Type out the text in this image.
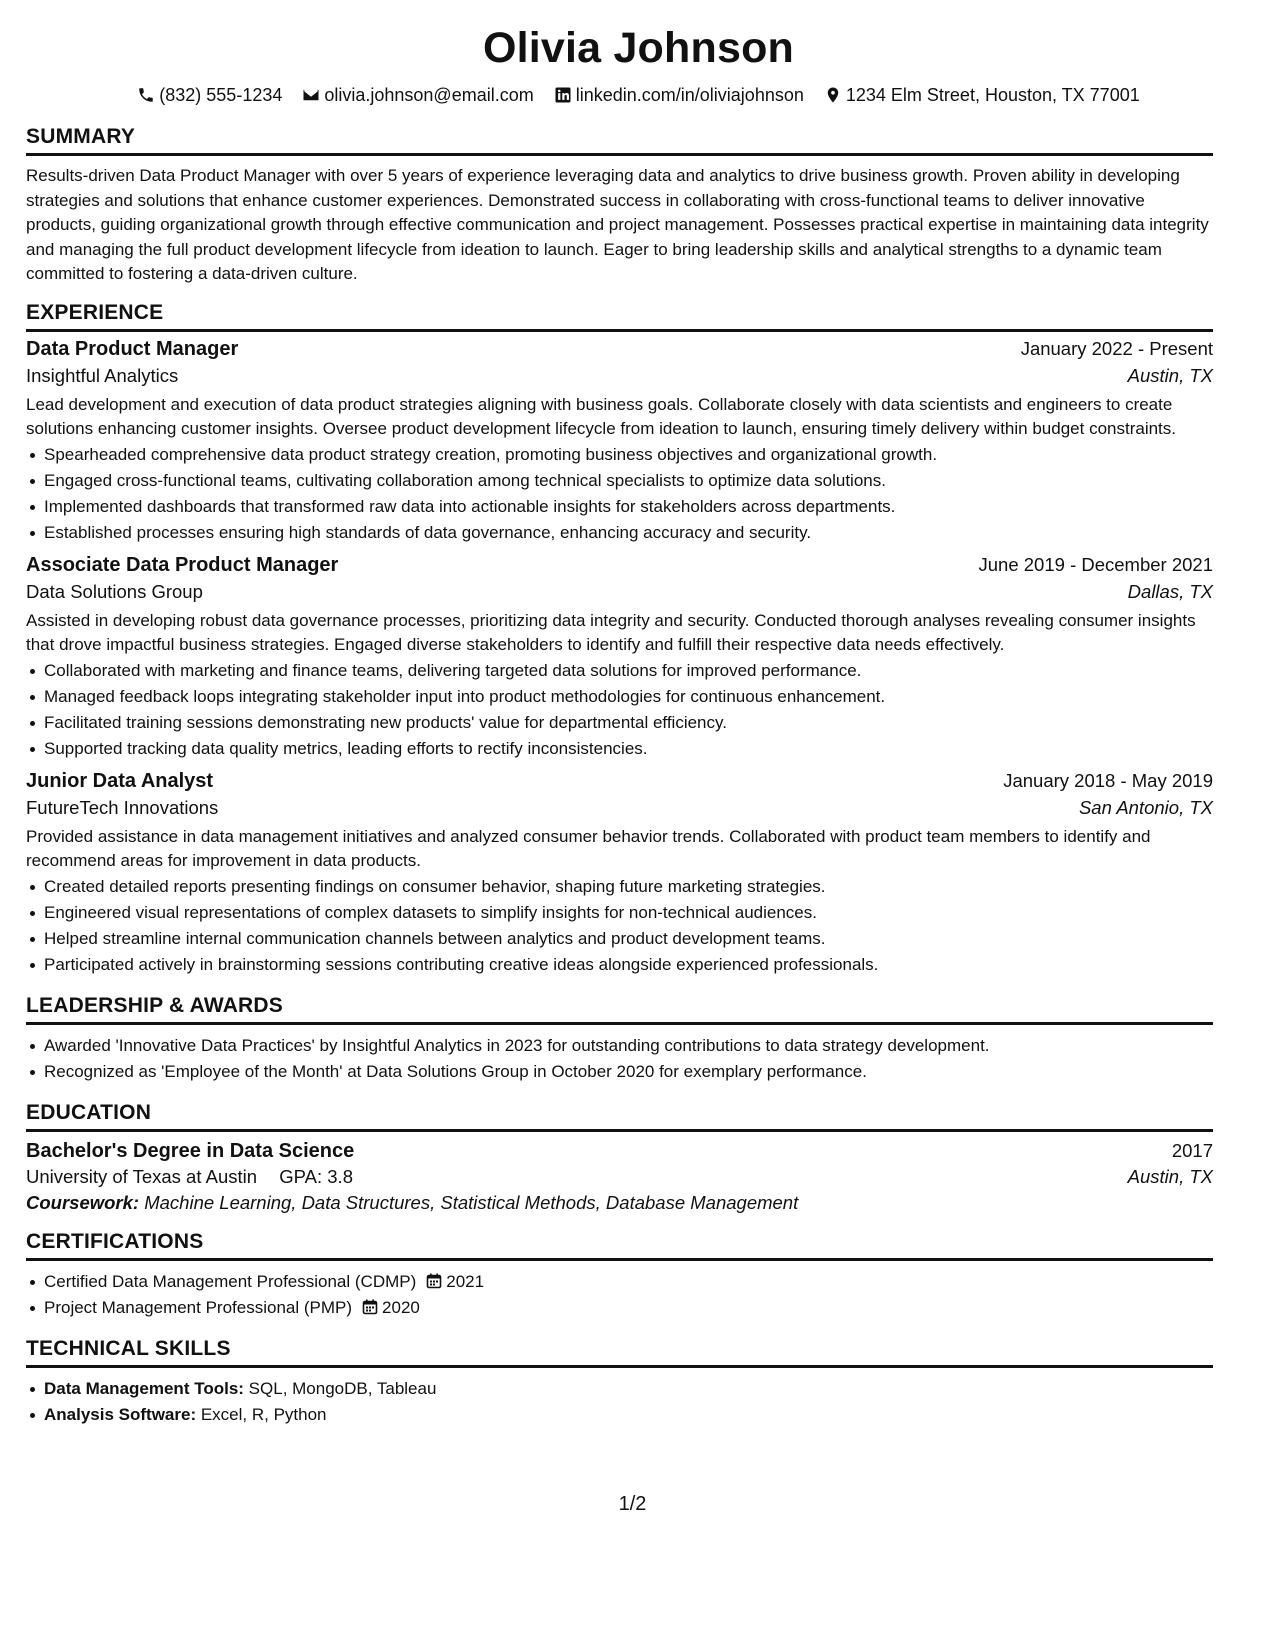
Olivia Johnson
(832) 555-1234 olivia.johnson@email.com linkedin.com/in/oliviajohnson 1234 Elm Street, Houston, TX 77001
SUMMARY
Results-driven Data Product Manager with over 5 years of experience leveraging data and analytics to drive business growth. Proven ability in developing strategies and solutions that enhance customer experiences. Demonstrated success in collaborating with cross-functional teams to deliver innovative products, guiding organizational growth through effective communication and project management. Possesses practical expertise in maintaining data integrity and managing the full product development lifecycle from ideation to launch. Eager to bring leadership skills and analytical strengths to a dynamic team committed to fostering a data-driven culture.
EXPERIENCE
Data Product Manager	January 2022 - Present
Insightful Analytics	Austin, TX
Lead development and execution of data product strategies aligning with business goals. Collaborate closely with data scientists and engineers to create solutions enhancing customer insights. Oversee product development lifecycle from ideation to launch, ensuring timely delivery within budget constraints.
Spearheaded comprehensive data product strategy creation, promoting business objectives and organizational growth.
Engaged cross-functional teams, cultivating collaboration among technical specialists to optimize data solutions.
Implemented dashboards that transformed raw data into actionable insights for stakeholders across departments.
Established processes ensuring high standards of data governance, enhancing accuracy and security.
Associate Data Product Manager	June 2019 - December 2021
Data Solutions Group	Dallas, TX
Assisted in developing robust data governance processes, prioritizing data integrity and security. Conducted thorough analyses revealing consumer insights that drove impactful business strategies. Engaged diverse stakeholders to identify and fulfill their respective data needs effectively.
Collaborated with marketing and finance teams, delivering targeted data solutions for improved performance.
Managed feedback loops integrating stakeholder input into product methodologies for continuous enhancement.
Facilitated training sessions demonstrating new products' value for departmental efficiency.
Supported tracking data quality metrics, leading efforts to rectify inconsistencies.
Junior Data Analyst	January 2018 - May 2019
FutureTech Innovations	San Antonio, TX
Provided assistance in data management initiatives and analyzed consumer behavior trends. Collaborated with product team members to identify and recommend areas for improvement in data products.
Created detailed reports presenting findings on consumer behavior, shaping future marketing strategies.
Engineered visual representations of complex datasets to simplify insights for non-technical audiences.
Helped streamline internal communication channels between analytics and product development teams.
Participated actively in brainstorming sessions contributing creative ideas alongside experienced professionals.
LEADERSHIP & AWARDS
Awarded 'Innovative Data Practices' by Insightful Analytics in 2023 for outstanding contributions to data strategy development.
Recognized as 'Employee of the Month' at Data Solutions Group in October 2020 for exemplary performance.
EDUCATION
Bachelor's Degree in Data Science	2017
University of Texas at Austin GPA: 3.8	Austin, TX
Coursework: Machine Learning, Data Structures, Statistical Methods, Database Management
CERTIFICATIONS
Certified Data Management Professional (CDMP) 2021
Project Management Professional (PMP) 2020
TECHNICAL SKILLS
Data Management Tools: SQL, MongoDB, Tableau
Analysis Software: Excel, R, Python
1/2
